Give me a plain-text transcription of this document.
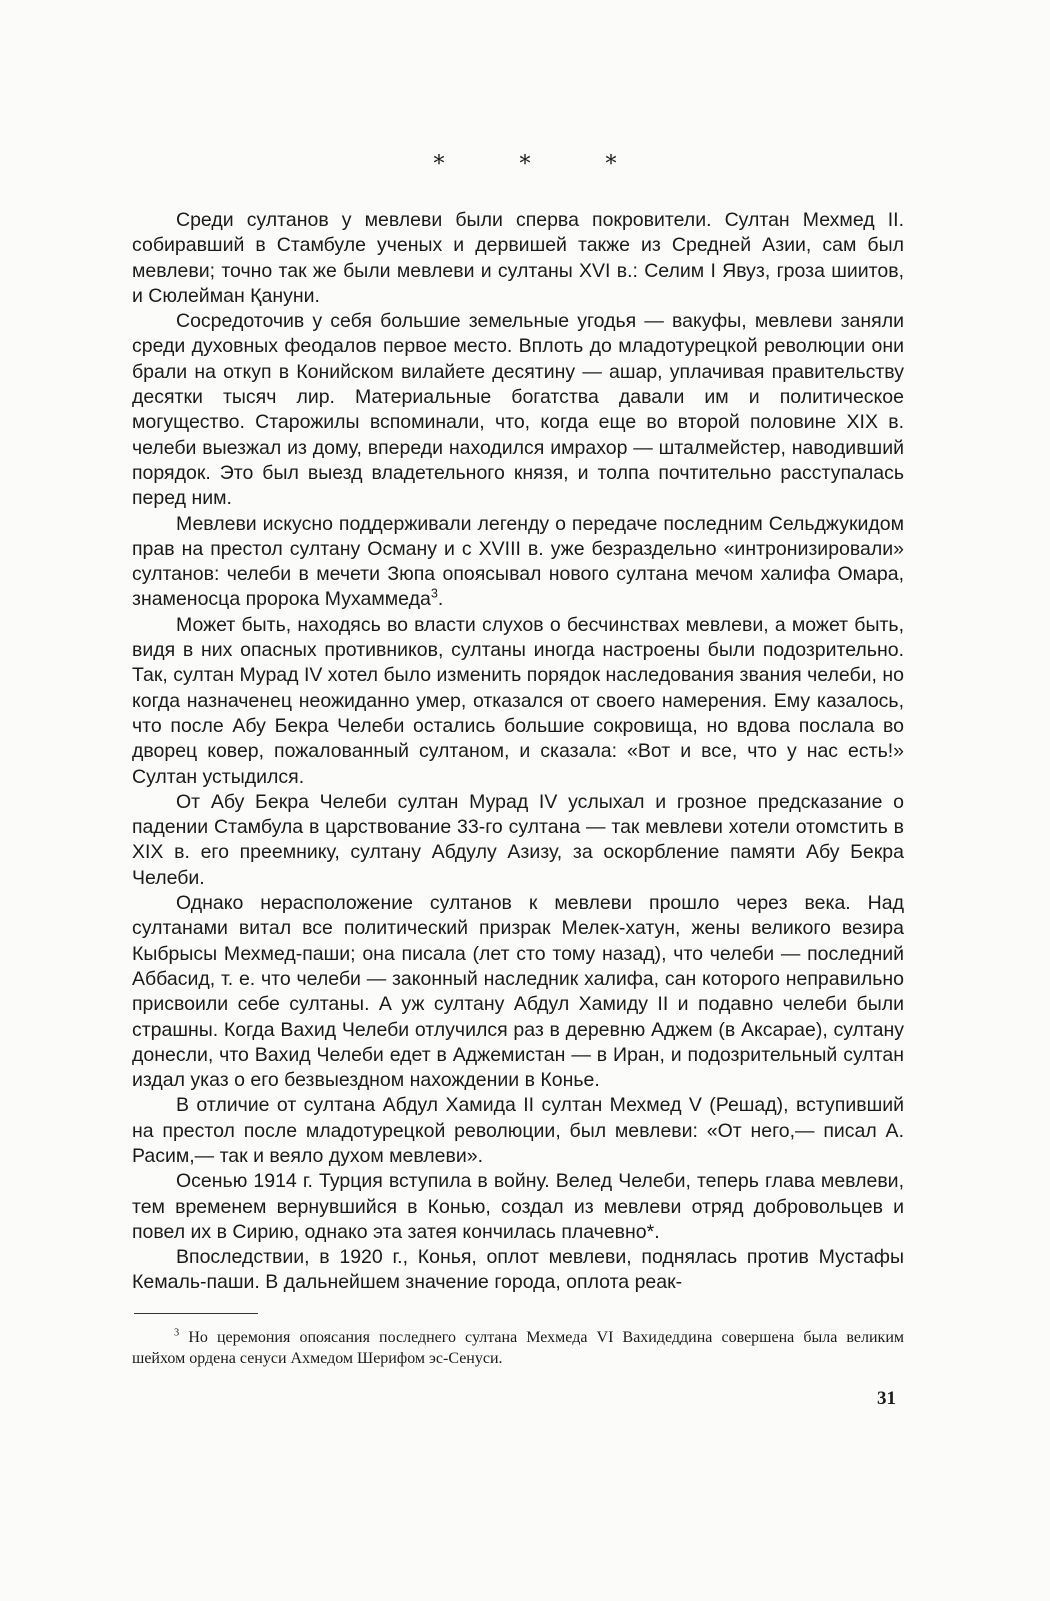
* * *

Среди султанов у мевлеви были сперва покровители. Султан Мехмед II. собиравший в Стамбуле ученых и дервишей также из Средней Азии, сам был мевлеви; точно так же были мевлеви и султаны XVI в.: Селим I Явуз, гроза шиитов, и Сюлейман Қануни.

Сосредоточив у себя большие земельные угодья — вакуфы, мевлеви заняли среди духовных феодалов первое место. Вплоть до младотурецкой революции они брали на откуп в Конийском вилайете десятину — ашар, уплачивая правительству десятки тысяч лир. Материальные богатства давали им и политическое могущество. Старожилы вспоминали, что, когда еще во второй половине XIX в. челеби выезжал из дому, впереди находился имрахор — шталмейстер, наводивший порядок. Это был выезд владетельного князя, и толпа почтительно расступалась перед ним.

Мевлеви искусно поддерживали легенду о передаче последним Сельджукидом прав на престол султану Осману и с XVIII в. уже безраздельно «интронизировали» султанов: челеби в мечети Зюпа опоясывал нового султана мечом халифа Омара, знаменосца пророка Мухаммеда$^3$.

Может быть, находясь во власти слухов о бесчинствах мевлеви, а может быть, видя в них опасных противников, султаны иногда настроены были подозрительно. Так, султан Мурад IV хотел было изменить порядок наследования звания челеби, но когда назначенец неожиданно умер, отказался от своего намерения. Ему казалось, что после Абу Бекра Челеби остались большие сокровища, но вдова послала во дворец ковер, пожалованный султаном, и сказала: «Вот и все, что у нас есть!» Султан устыдился.

От Абу Бекра Челеби султан Мурад IV услыхал и грозное предсказание о падении Стамбула в царствование 33-го султана — так мевлеви хотели отомстить в XIX в. его преемнику, султану Абдулу Азизу, за оскорбление памяти Абу Бекра Челеби.

Однако нерасположение султанов к мевлеви прошло через века. Над султанами витал все политический призрак Мелек-хатун, жены великого везира Кыбрысы Мехмед-паши; она писала (лет сто тому назад), что челеби — последний Аббасид, т. е. что челеби — законный наследник халифа, сан которого неправильно присвоили себе султаны. А уж султану Абдул Хамиду II и подавно челеби были страшны. Когда Вахид Челеби отлучился раз в деревню Аджем (в Аксарае), султану донесли, что Вахид Челеби едет в Аджемистан — в Иран, и подозрительный султан издал указ о его безвыездном нахождении в Конье.

В отличие от султана Абдул Хамида II султан Мехмед V (Решад), вступивший на престол после младотурецкой революции, был мевлеви: «От него,— писал А. Расим,— так и веяло духом мевлеви».

Осенью 1914 г. Турция вступила в войну. Велед Челеби, теперь глава мевлеви, тем временем вернувшийся в Конью, создал из мевлеви отряд добровольцев и повел их в Сирию, однако эта затея кончилась плачевно*.

Впоследствии, в 1920 г., Конья, оплот мевлеви, поднялась против Мустафы Кемаль-паши. В дальнейшем значение города, оплота реак-

$^3$ Но церемония опоясания последнего султана Мехмеда VI Вахидеддина совершена была великим шейхом ордена сенуси Ахмедом Шерифом эс-Сенуси.
31
